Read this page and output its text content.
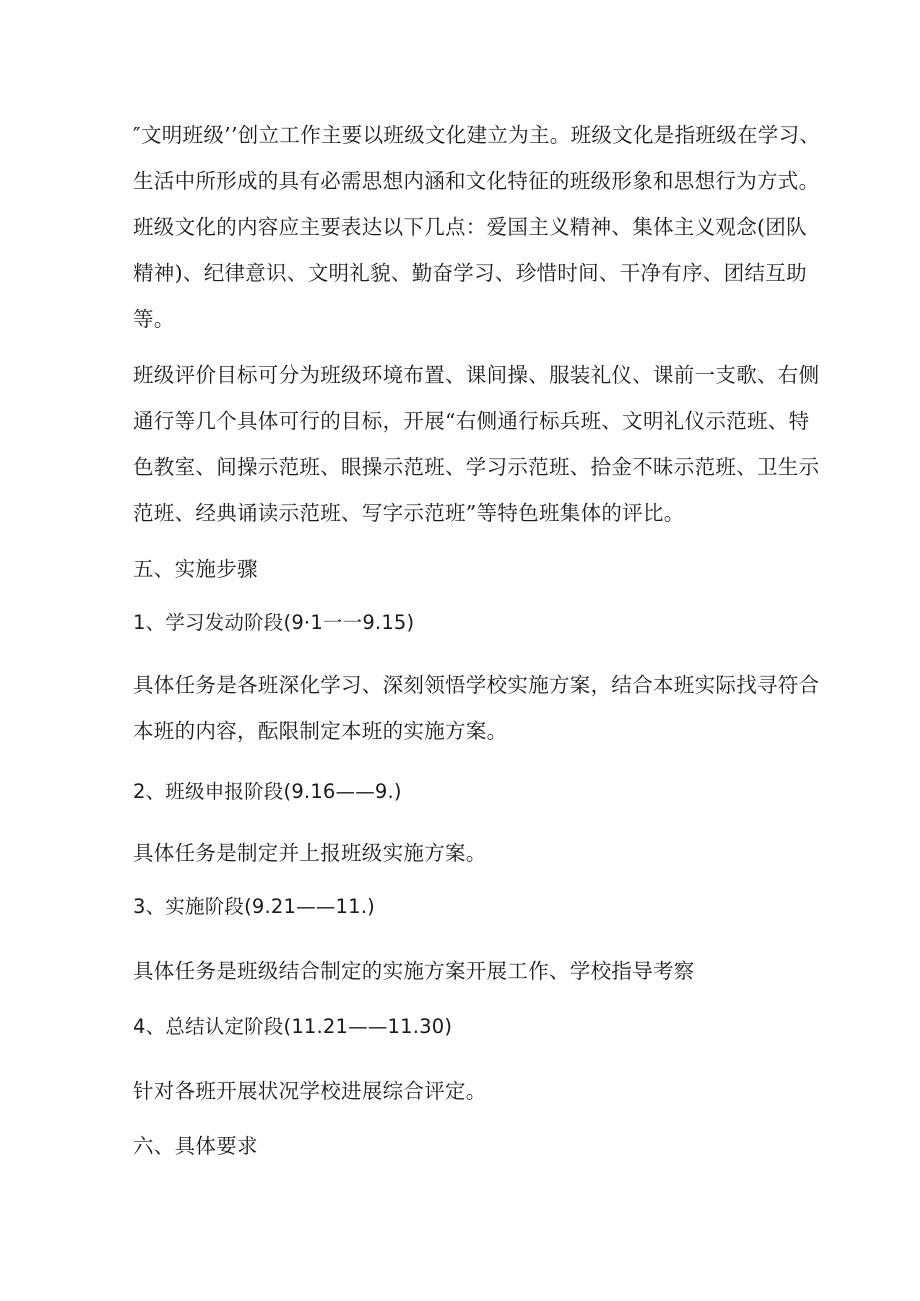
″文明班级’’创立工作主要以班级文化建立为主。班级文化是指班级在学习、
生活中所形成的具有必需思想内涵和文化特征的班级形象和思想行为方式。
班级文化的内容应主要表达以下几点：爱国主义精神、集体主义观念(团队
精神)、纪律意识、文明礼貌、勤奋学习、珍惜时间、干净有序、团结互助
等。
班级评价目标可分为班级环境布置、课间操、服装礼仪、课前一支歌、右侧
通行等几个具体可行的目标，开展“右侧通行标兵班、文明礼仪示范班、特
色教室、间操示范班、眼操示范班、学习示范班、拾金不昧示范班、卫生示
范班、经典诵读示范班、写字示范班”等特色班集体的评比。
五、实施步骤
1、学习发动阶段(9·1一一9.15)
具体任务是各班深化学习、深刻领悟学校实施方案，结合本班实际找寻符合
本班的内容，酝限制定本班的实施方案。
2、班级申报阶段(9.16——9.)
具体任务是制定并上报班级实施方案。
3、实施阶段(9.21——11.)
具体任务是班级结合制定的实施方案开展工作、学校指导考察
4、总结认定阶段(11.21——11.30)
针对各班开展状况学校进展综合评定。
六、具体要求
